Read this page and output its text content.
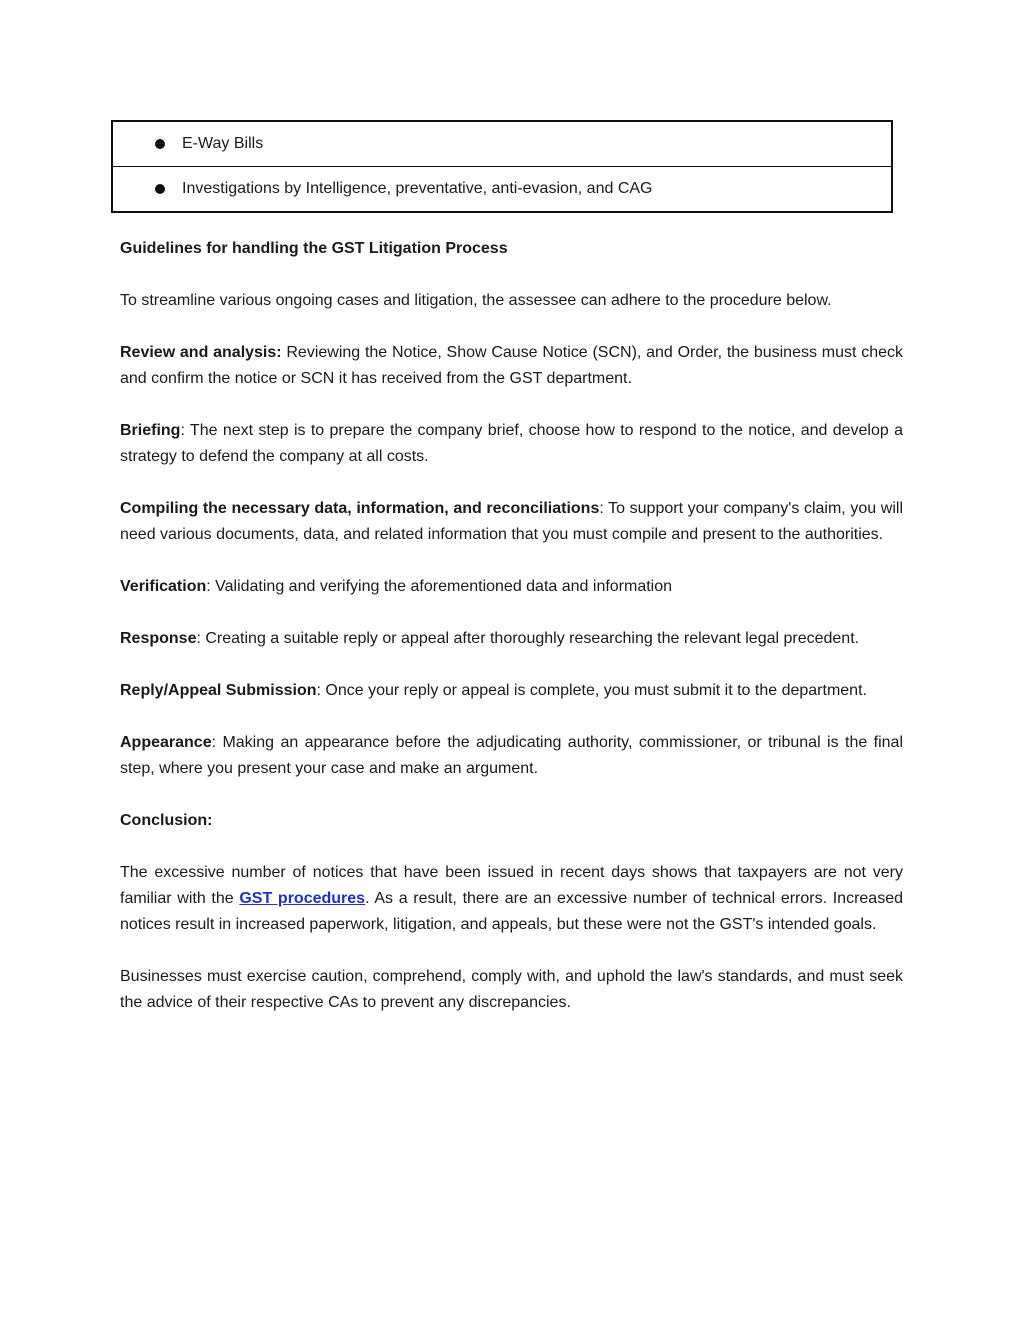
E-Way Bills

Investigations by Intelligence, preventative, anti-evasion, and CAG

Guidelines for handling the GST Litigation Process

To streamline various ongoing cases and litigation, the assessee can adhere to the procedure below.

Review and analysis: Reviewing the Notice, Show Cause Notice (SCN), and Order, the business must check and confirm the notice or SCN it has received from the GST department.

Briefing: The next step is to prepare the company brief, choose how to respond to the notice, and develop a strategy to defend the company at all costs.

Compiling the necessary data, information, and reconciliations: To support your company's claim, you will need various documents, data, and related information that you must compile and present to the authorities.

Verification: Validating and verifying the aforementioned data and information

Response: Creating a suitable reply or appeal after thoroughly researching the relevant legal precedent.

Reply/Appeal Submission: Once your reply or appeal is complete, you must submit it to the department.

Appearance: Making an appearance before the adjudicating authority, commissioner, or tribunal is the final step, where you present your case and make an argument.

Conclusion:

The excessive number of notices that have been issued in recent days shows that taxpayers are not very familiar with the GST procedures. As a result, there are an excessive number of technical errors. Increased notices result in increased paperwork, litigation, and appeals, but these were not the GST's intended goals.

Businesses must exercise caution, comprehend, comply with, and uphold the law's standards, and must seek the advice of their respective CAs to prevent any discrepancies.
